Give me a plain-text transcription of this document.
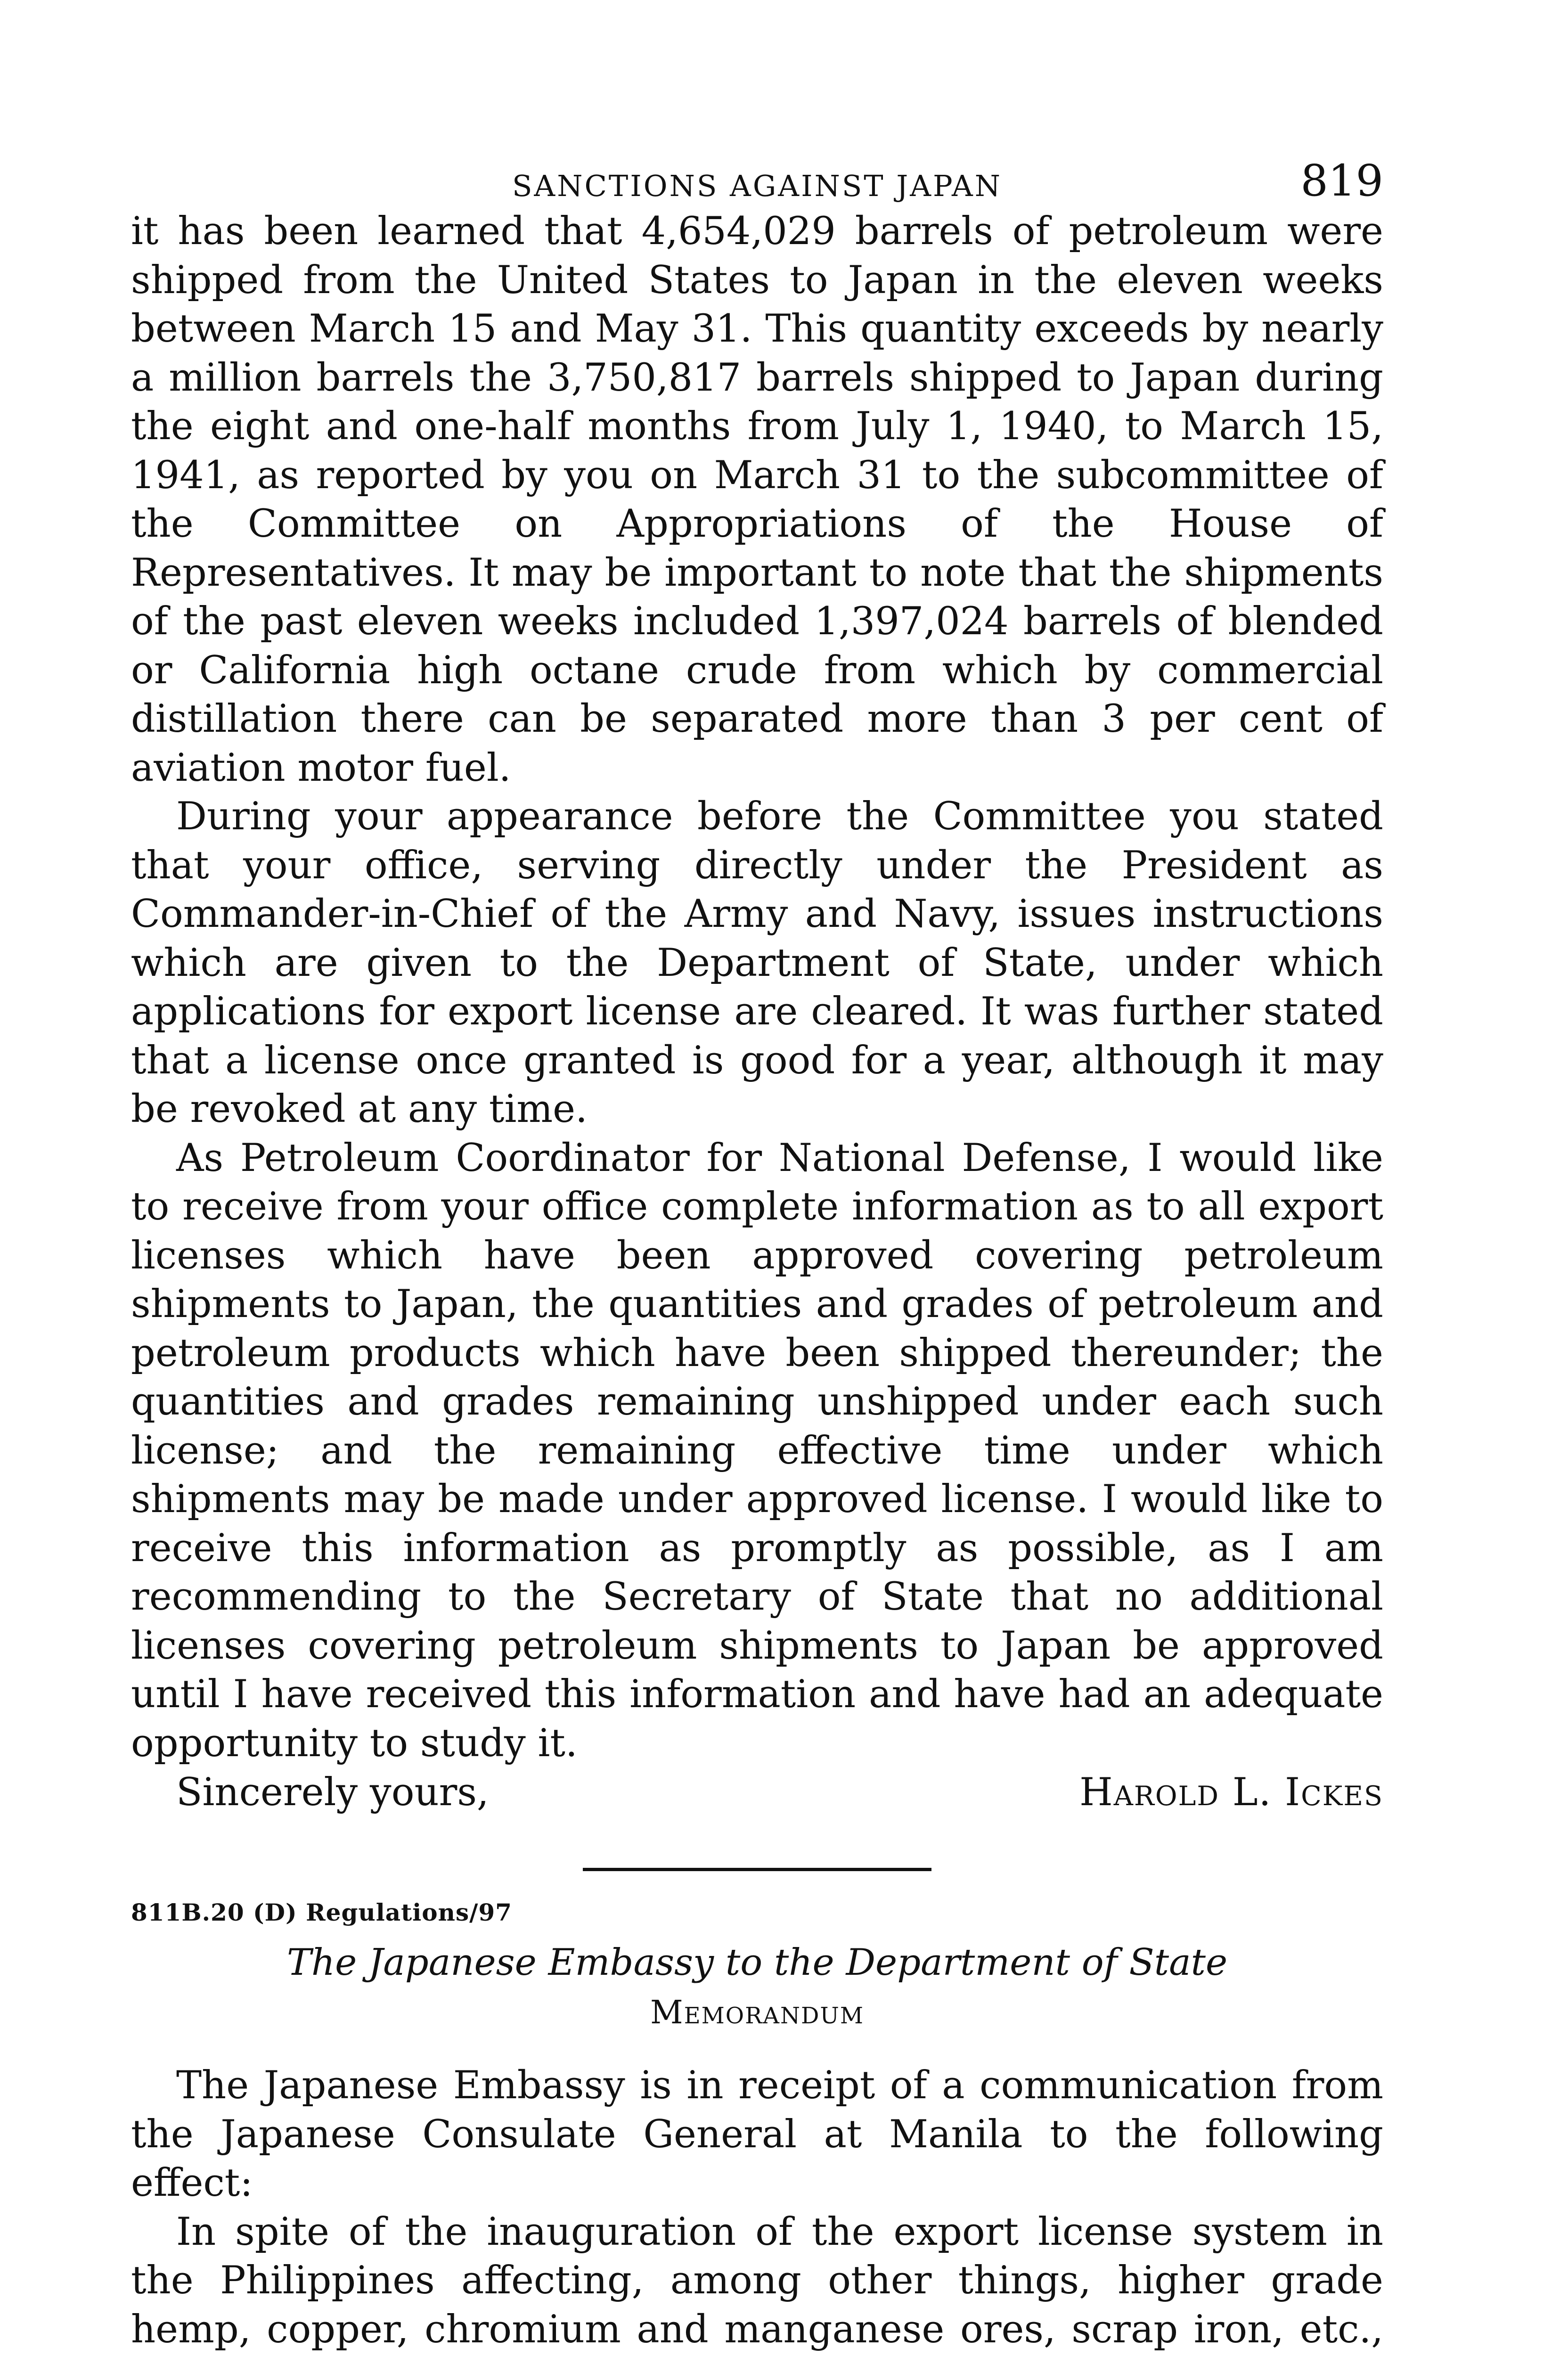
SANCTIONS AGAINST JAPAN	819

it has been learned that 4,654,029 barrels of petroleum were shipped from the United States to Japan in the eleven weeks between March 15 and May 31. This quantity exceeds by nearly a million barrels the 3,750,817 barrels shipped to Japan during the eight and one-half months from July 1, 1940, to March 15, 1941, as reported by you on March 31 to the subcommittee of the Committee on Appropriations of the House of Representatives. It may be important to note that the shipments of the past eleven weeks included 1,397,024 barrels of blended or California high octane crude from which by commercial distillation there can be separated more than 3 per cent of aviation motor fuel.

During your appearance before the Committee you stated that your office, serving directly under the President as Commander-in-Chief of the Army and Navy, issues instructions which are given to the Department of State, under which applications for export license are cleared. It was further stated that a license once granted is good for a year, although it may be revoked at any time.

As Petroleum Coordinator for National Defense, I would like to receive from your office complete information as to all export licenses which have been approved covering petroleum shipments to Japan, the quantities and grades of petroleum and petroleum products which have been shipped thereunder; the quantities and grades remaining unshipped under each such license; and the remaining effective time under which shipments may be made under approved license. I would like to receive this information as promptly as possible, as I am recommending to the Secretary of State that no additional licenses covering petroleum shipments to Japan be approved until I have received this information and have had an adequate opportunity to study it.

Sincerely yours,	Harold L. Ickes
811B.20 (D) Regulations/97
The Japanese Embassy to the Department of State
Memorandum

The Japanese Embassy is in receipt of a communication from the Japanese Consulate General at Manila to the following effect:

In spite of the inauguration of the export license system in the Philippines affecting, among other things, higher grade hemp, copper, chromium and manganese ores, scrap iron, etc.,
